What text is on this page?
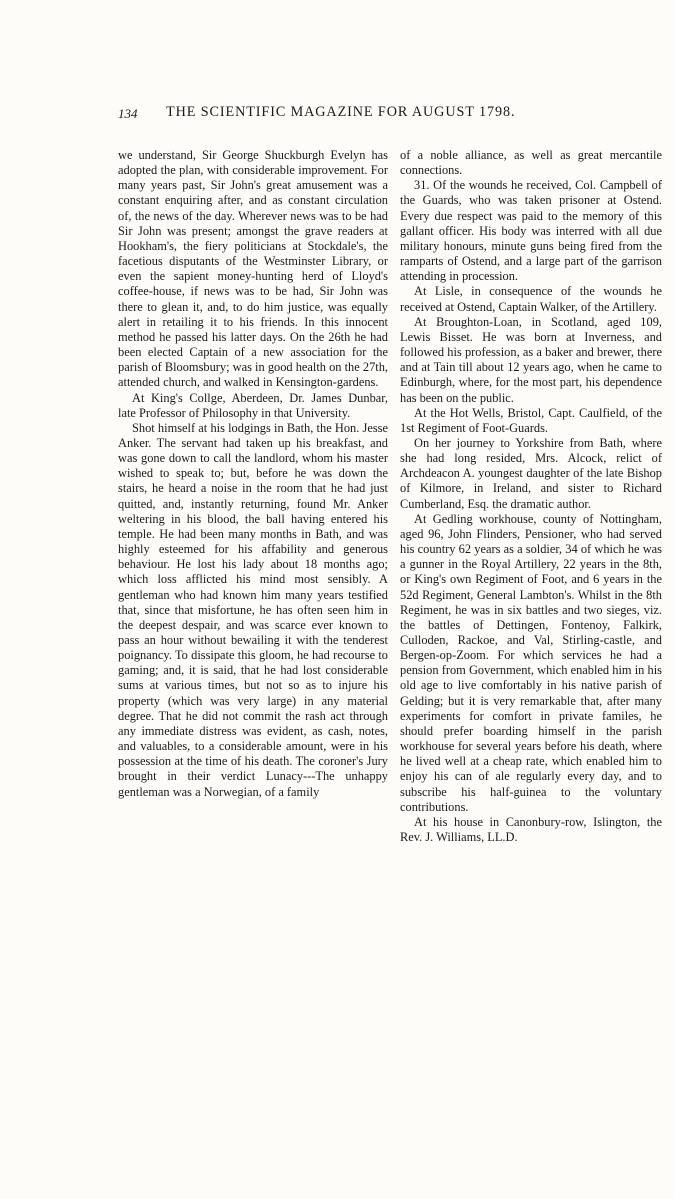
134 THE SCIENTIFIC MAGAZINE FOR AUGUST 1798.

we understand, Sir George Shuckburgh Evelyn has adopted the plan, with considerable improvement. For many years past, Sir John's great amusement was a constant enquiring after, and as constant circulation of, the news of the day. Wherever news was to be had Sir John was present; amongst the grave readers at Hookham's, the fiery politicians at Stockdale's, the facetious disputants of the Westminster Library, or even the sapient money-hunting herd of Lloyd's coffee-house, if news was to be had, Sir John was there to glean it, and, to do him justice, was equally alert in retailing it to his friends. In this innocent method he passed his latter days. On the 26th he had been elected Captain of a new association for the parish of Bloomsbury; was in good health on the 27th, attended church, and walked in Kensington-gardens.

At King's Collge, Aberdeen, Dr. James Dunbar, late Professor of Philosophy in that University.

Shot himself at his lodgings in Bath, the Hon. Jesse Anker. The servant had taken up his breakfast, and was gone down to call the landlord, whom his master wished to speak to; but, before he was down the stairs, he heard a noise in the room that he had just quitted, and, instantly returning, found Mr. Anker weltering in his blood, the ball having entered his temple. He had been many months in Bath, and was highly esteemed for his affability and generous behaviour. He lost his lady about 18 months ago; which loss afflicted his mind most sensibly. A gentleman who had known him many years testified that, since that misfortune, he has often seen him in the deepest despair, and was scarce ever known to pass an hour without bewailing it with the tenderest poignancy. To dissipate this gloom, he had recourse to gaming; and, it is said, that he had lost considerable sums at various times, but not so as to injure his property (which was very large) in any material degree. That he did not commit the rash act through any immediate distress was evident, as cash, notes, and valuables, to a considerable amount, were in his possession at the time of his death. The coroner's Jury brought in their verdict Lunacy---The unhappy gentleman was a Norwegian, of a family

of a noble alliance, as well as great mercantile connections.

31. Of the wounds he received, Col. Campbell of the Guards, who was taken prisoner at Ostend. Every due respect was paid to the memory of this gallant officer. His body was interred with all due military honours, minute guns being fired from the ramparts of Ostend, and a large part of the garrison attending in procession.

At Lisle, in consequence of the wounds he received at Ostend, Captain Walker, of the Artillery.

At Broughton-Loan, in Scotland, aged 109, Lewis Bisset. He was born at Inverness, and followed his profession, as a baker and brewer, there and at Tain till about 12 years ago, when he came to Edinburgh, where, for the most part, his dependence has been on the public.

At the Hot Wells, Bristol, Capt. Caulfield, of the 1st Regiment of Foot-Guards.

On her journey to Yorkshire from Bath, where she had long resided, Mrs. Alcock, relict of Archdeacon A. youngest daughter of the late Bishop of Kilmore, in Ireland, and sister to Richard Cumberland, Esq. the dramatic author.

At Gedling workhouse, county of Nottingham, aged 96, John Flinders, Pensioner, who had served his country 62 years as a soldier, 34 of which he was a gunner in the Royal Artillery, 22 years in the 8th, or King's own Regiment of Foot, and 6 years in the 52d Regiment, General Lambton's. Whilst in the 8th Regiment, he was in six battles and two sieges, viz. the battles of Dettingen, Fontenoy, Falkirk, Culloden, Rackoe, and Val, Stirling-castle, and Bergen-op-Zoom. For which services he had a pension from Government, which enabled him in his old age to live comfortably in his native parish of Gelding; but it is very remarkable that, after many experiments for comfort in private familes, he should prefer boarding himself in the parish workhouse for several years before his death, where he lived well at a cheap rate, which enabled him to enjoy his can of ale regularly every day, and to subscribe his half-guinea to the voluntary contributions.

At his house in Canonbury-row, Islington, the Rev. J. Williams, LL.D.
